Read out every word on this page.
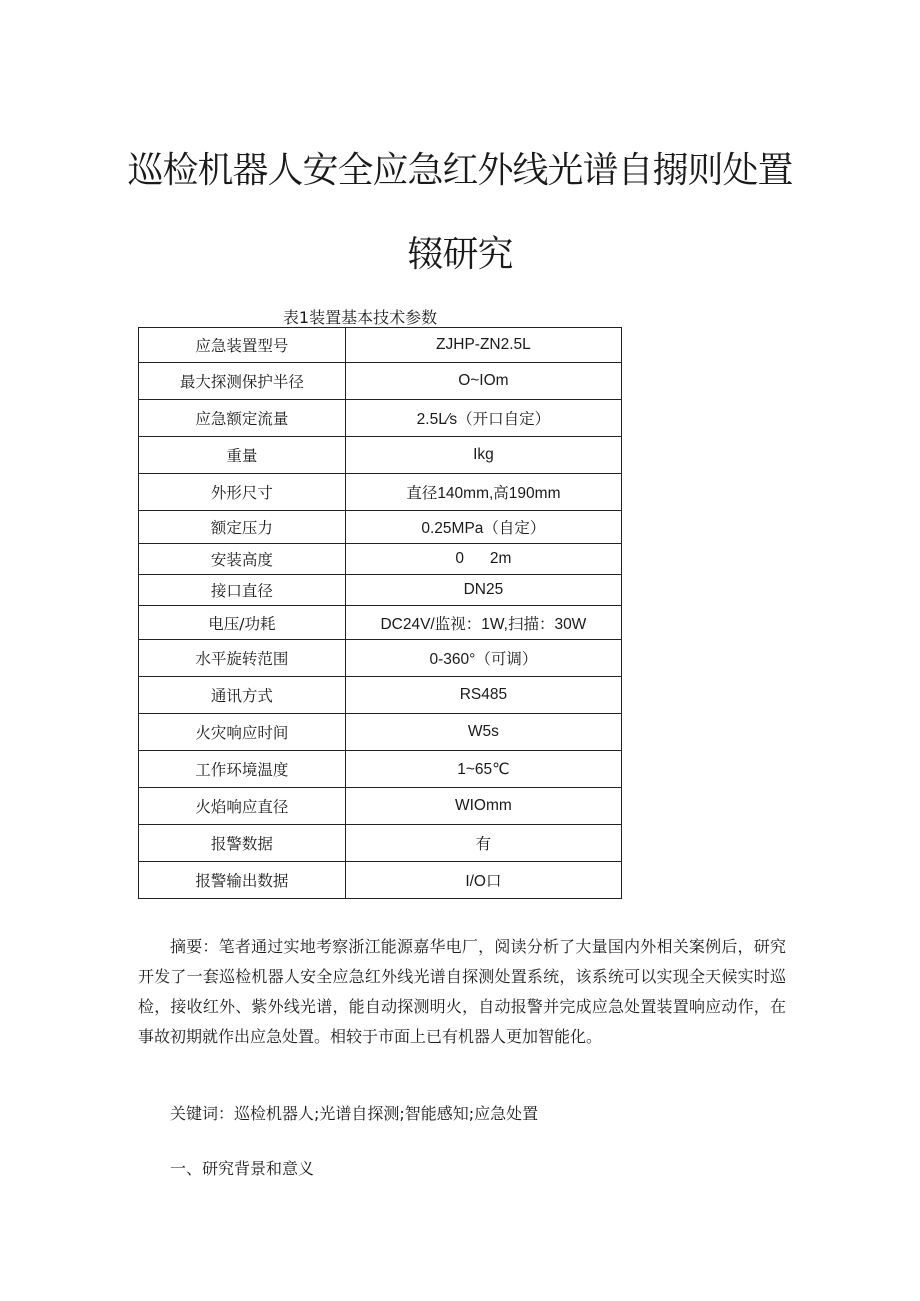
巡检机器人安全应急红外线光谱自搦则处置
辍研究
表1装置基本技术参数
应急装置型号	ZJHP-ZN2.5L
最大探测保护半径	O~IOm
应急额定流量	2.5L⁄s（开口自定）
重量	Ikg
外形尺寸	直径140mm,高190mm
额定压力	0.25MPa（自定）
安装高度	0      2m
接口直径	DN25
电压/功耗	DC24V/监视：1W,扫描：30W
水平旋转范围	0-360°（可调）
通讯方式	RS485
火灾响应时间	W5s
工作环境温度	1~65℃
火焰响应直径	WIOmm
报警数据	有
报警输出数据	I/O口

摘要：笔者通过实地考察浙江能源嘉华电厂，阅读分析了大量国内外相关案例后，研究开发了一套巡检机器人安全应急红外线光谱自探测处置系统，该系统可以实现全天候实时巡检，接收红外、紫外线光谱，能自动探测明火，自动报警并完成应急处置装置响应动作，在事故初期就作出应急处置。相较于市面上已有机器人更加智能化。

关键词：巡检机器人;光谱自探测;智能感知;应急处置

一、研究背景和意义
